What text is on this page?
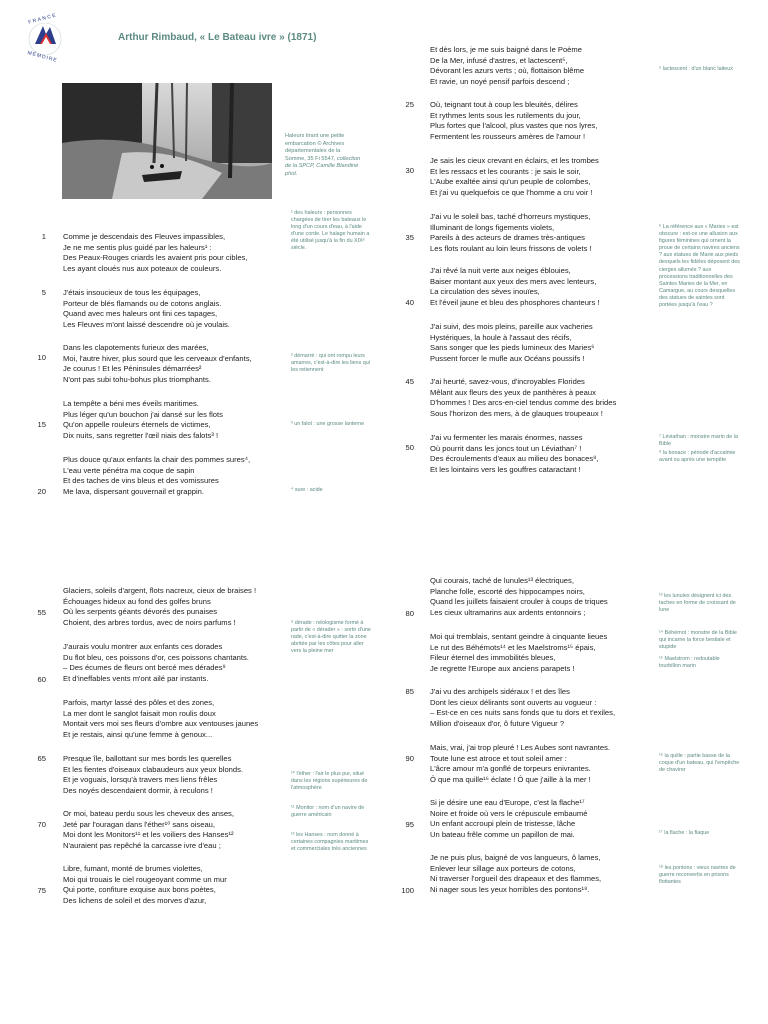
FRANCE
MÉMOIRE
Arthur Rimbaud, « Le Bateau ivre » (1871)
Haleurs tirant une petite embarcation © Archives départementales de la Somme, 35 Fi 5547, collection de la SPCP, Camille Blandiné phot.
Comme je descendais des Fleuves impassibles,
Je ne me sentis plus guidé par les haleurs¹ :
Des Peaux-Rouges criards les avaient pris pour cibles,
Les ayant cloués nus aux poteaux de couleurs.
J'étais insoucieux de tous les équipages,
Porteur de blés flamands ou de cotons anglais.
Quand avec mes haleurs ont fini ces tapages,
Les Fleuves m'ont laissé descendre où je voulais.
Dans les clapotements furieux des marées,
Moi, l'autre hiver, plus sourd que les cerveaux d'enfants,
Je courus ! Et les Péninsules démarrées²
N'ont pas subi tohu-bohus plus triomphants.
La tempête a béni mes éveils maritimes.
Plus léger qu'un bouchon j'ai dansé sur les flots
Qu'on appelle rouleurs éternels de victimes,
Dix nuits, sans regretter l'œil niais des falots³ !
Plus douce qu'aux enfants la chair des pommes sures⁴,
L'eau verte pénétra ma coque de sapin
Et des taches de vins bleus et des vomissures
Me lava, dispersant gouvernail et grappin.
Et dès lors, je me suis baigné dans le Poème
De la Mer, infusé d'astres, et lactescent⁵,
Dévorant les azurs verts ; où, flottaison blême
Et ravie, un noyé pensif parfois descend ;
Où, teignant tout à coup les bleuités, délires
Et rythmes lents sous les rutilements du jour,
Plus fortes que l'alcool, plus vastes que nos lyres,
Fermentent les rousseurs amères de l'amour !
Je sais les cieux crevant en éclairs, et les trombes
Et les ressacs et les courants : je sais le soir,
L'Aube exaltée ainsi qu'un peuple de colombes,
Et j'ai vu quelquefois ce que l'homme a cru voir !
J'ai vu le soleil bas, taché d'horreurs mystiques,
Illuminant de longs figements violets,
Pareils à des acteurs de drames très-antiques
Les flots roulant au loin leurs frissons de volets !
J'ai rêvé la nuit verte aux neiges éblouies,
Baiser montant aux yeux des mers avec lenteurs,
La circulation des sèves inouïes,
Et l'éveil jaune et bleu des phosphores chanteurs !
J'ai suivi, des mois pleins, pareille aux vacheries
Hystériques, la houle à l'assaut des récifs,
Sans songer que les pieds lumineux des Maries⁶
Pussent forcer le mufle aux Océans poussifs !
J'ai heurté, savez-vous, d'incroyables Florides
Mêlant aux fleurs des yeux de panthères à peaux
D'hommes ! Des arcs-en-ciel tendus comme des brides
Sous l'horizon des mers, à de glauques troupeaux !
J'ai vu fermenter les marais énormes, nasses
Où pourrit dans les joncs tout un Léviathan⁷ !
Des écroulements d'eaux au milieu des bonaces⁸,
Et les lointains vers les gouffres cataractant !
Glaciers, soleils d'argent, flots nacreux, cieux de braises !
Échouages hideux au fond des golfes bruns
Où les serpents géants dévorés des punaises
Choient, des arbres tordus, avec de noirs parfums !
J'aurais voulu montrer aux enfants ces dorades
Du flot bleu, ces poissons d'or, ces poissons chantants.
– Des écumes de fleurs ont bercé mes dérades⁹
Et d'ineffables vents m'ont ailé par instants.
Parfois, martyr lassé des pôles et des zones,
La mer dont le sanglot faisait mon roulis doux
Montait vers moi ses fleurs d'ombre aux ventouses jaunes
Et je restais, ainsi qu'une femme à genoux...
Presque île, ballottant sur mes bords les querelles
Et les fientes d'oiseaux clabaudeurs aux yeux blonds.
Et je voguais, lorsqu'à travers mes liens frêles
Des noyés descendaient dormir, à reculons !
Or moi, bateau perdu sous les cheveux des anses,
Jeté par l'ouragan dans l'éther¹⁰ sans oiseau,
Moi dont les Monitors¹¹ et les voiliers des Hanses¹²
N'auraient pas repêché la carcasse ivre d'eau ;
Libre, fumant, monté de brumes violettes,
Moi qui trouais le ciel rougeoyant comme un mur
Qui porte, confiture exquise aux bons poètes,
Des lichens de soleil et des morves d'azur,
Qui courais, taché de lunules¹³ électriques,
Planche folle, escorté des hippocampes noirs,
Quand les juillets faisaient crouler à coups de triques
Les cieux ultramarins aux ardents entonnoirs ;
Moi qui tremblais, sentant geindre à cinquante lieues
Le rut des Béhémots¹⁴ et les Maelstroms¹⁵ épais,
Fileur éternel des immobilités bleues,
Je regrette l'Europe aux anciens parapets !
J'ai vu des archipels sidéraux ! et des îles
Dont les cieux délirants sont ouverts au vogueur :
– Est-ce en ces nuits sans fonds que tu dors et t'exiles,
Million d'oiseaux d'or, ô future Vigueur ?
Mais, vrai, j'ai trop pleuré ! Les Aubes sont navrantes.
Toute lune est atroce et tout soleil amer :
L'âcre amour m'a gonflé de torpeurs enivrantes.
Ô que ma quille¹⁶ éclate ! Ô que j'aille à la mer !
Si je désire une eau d'Europe, c'est la flache¹⁷
Noire et froide où vers le crépuscule embaumé
Un enfant accroupi plein de tristesse, lâche
Un bateau frêle comme un papillon de mai.
Je ne puis plus, baigné de vos langueurs, ô lames,
Enlever leur sillage aux porteurs de cotons,
Ni traverser l'orgueil des drapeaux et des flammes,
Ni nager sous les yeux horribles des pontons¹⁸.
1
5
10
15
20
25
30
35
40
45
50
55
60
65
70
75
80
85
90
95
100
¹ des haleurs : personnes chargées de tirer les bateaux le long d'un cours d'eau, à l'aide d'une corde. Le halage humain a été utilisé jusqu'à la fin du XIXᵉ siècle.
² démarré : qui ont rompu leurs amarres, c'est-à-dire les liens qui les retiennent
³ un falot : une grosse lanterne
⁴ sure : acide
⁵ lactescent : d'un blanc laiteux
⁶ La référence aux « Maries » est obscure : est-ce une allusion aux figures féminines qui ornent la proue de certains navires anciens ? aux statues de Marie aux pieds desquels les fidèles déposent des cierges allumés ? aux processions traditionnelles des Saintes Maries de la Mer, en Camargue, au cours desquelles des statues de saintes sont portées jusqu'à l'eau ?
⁷ Léviathan : monstre marin de la Bible
⁸ la bonace : période d'accalmie avant ou après une tempête
⁹ dérade : néologisme formé à partir de « dérader » : sortir d'une rade, c'est-à-dire quitter la zone abritée par les côtes pour aller vers la pleine mer
¹⁰ l'éther : l'air le plus pur, situé dans les régions supérieures de l'atmosphère
¹¹ Monitor : nom d'un navire de guerre américain
¹² les Hanses : nom donné à certaines compagnies maritimes et commerciales très anciennes
¹³ les lunules désignent ici des taches en forme de croissant de lune
¹⁴ Béhémot : monstre de la Bible qui incarne la force bestiale et stupide
¹⁵ Maelstrom : redoutable tourbillon marin
¹⁶ la quille : partie basse de la coque d'un bateau, qui l'empêche de chavirer
¹⁷ la flache : la flaque
¹⁸ les pontons : vieux navires de guerre reconvertis en prisons flottantes
